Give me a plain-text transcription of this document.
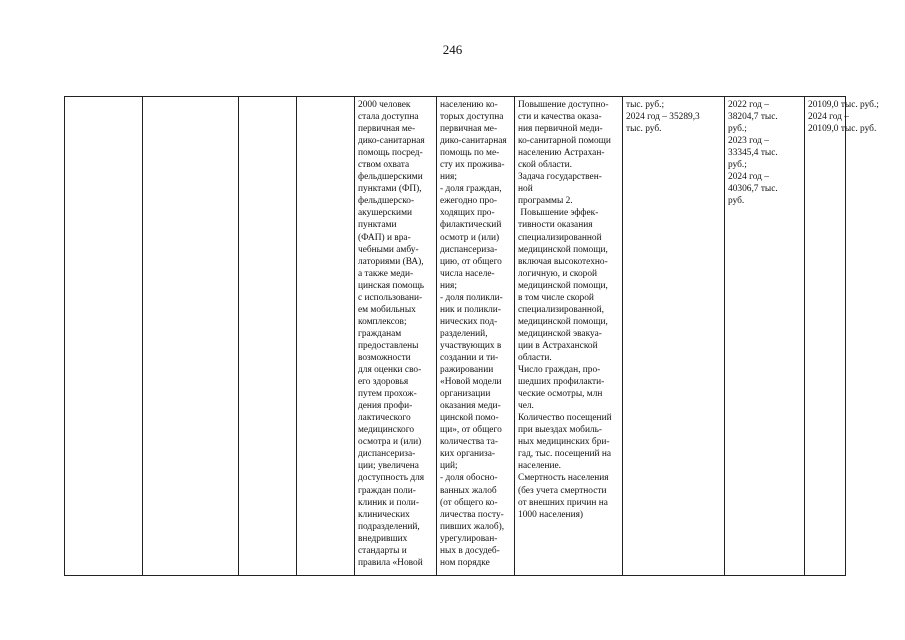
246

2000 человек
стала доступна
первичная ме-
дико-санитарная
помощь посред-
ством охвата
фельдшерскими
пунктами (ФП),
фельдшерско-
акушерскими
пунктами
(ФАП) и вра-
чебными амбу-
латориями (ВА),
а также меди-
цинская помощь
с использовани-
ем мобильных
комплексов;
гражданам
предоставлены
возможности
для оценки сво-
его здоровья
путем прохож-
дения профи-
лактического
медицинского
осмотра и (или)
диспансериза-
ции; увеличена
доступность для
граждан поли-
клиник и поли-
клинических
подразделений,
внедривших
стандарты и
правила «Новой

населению ко-
торых доступна
первичная ме-
дико-санитарная
помощь по ме-
сту их прожива-
ния;
- доля граждан,
ежегодно про-
ходящих про-
филактический
осмотр и (или)
диспансериза-
цию, от общего
числа населе-
ния;
- доля поликли-
ник и поликли-
нических под-
разделений,
участвующих в
создании и ти-
ражировании
«Новой модели
организации
оказания меди-
цинской помо-
щи», от общего
количества та-
ких организа-
ций;
- доля обосно-
ванных жалоб
(от общего ко-
личества посту-
пивших жалоб),
урегулирован-
ных в досудеб-
ном порядке

Повышение доступно-
сти и качества оказа-
ния первичной меди-
ко-санитарной помощи
населению Астрахан-
ской области.
Задача государствен-
ной
программы 2.
Повышение эффек-
тивности оказания
специализированной
медицинской помощи,
включая высокотехно-
логичную, и скорой
медицинской помощи,
в том числе скорой
специализированной,
медицинской помощи,
медицинской эвакуа-
ции в Астраханской
области.
Число граждан, про-
шедших профилакти-
ческие осмотры, млн
чел.
Количество посещений
при выездах мобиль-
ных медицинских бри-
гад, тыс. посещений на
население.
Смертность населения
(без учета смертности
от внешних причин на
1000 населения)

тыс. руб.;
2024 год – 35289,3
тыс. руб.

2022 год –
38204,7 тыс.
руб.;
2023 год –
33345,4 тыс.
руб.;
2024 год –
40306,7 тыс.
руб.

20109,0 тыс. руб.;
2024 год –
20109,0 тыс. руб.
